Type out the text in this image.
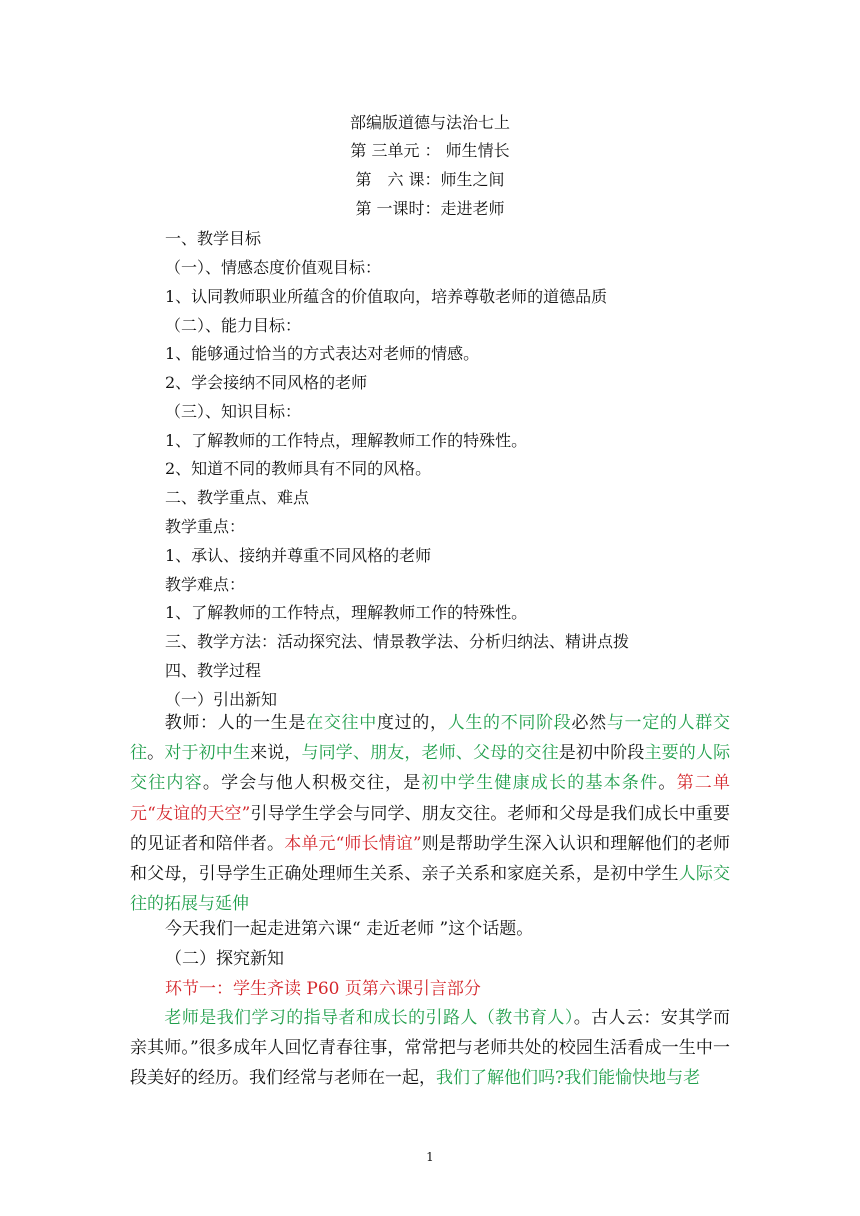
部编版道德与法治七上
第 三单元 ： 师生情长
第　六 课：师生之间
第 一课时：走进老师
一、教学目标
（一）、情感态度价值观目标：
1、认同教师职业所蕴含的价值取向，培养尊敬老师的道德品质
（二）、能力目标：
1、能够通过恰当的方式表达对老师的情感。
2、学会接纳不同风格的老师
（三）、知识目标：
1、了解教师的工作特点，理解教师工作的特殊性。
2、知道不同的教师具有不同的风格。
二、教学重点、难点
教学重点：
1、承认、接纳并尊重不同风格的老师
教学难点：
1、了解教师的工作特点，理解教师工作的特殊性。
三、教学方法：活动探究法、情景教学法、分析归纳法、精讲点拨
四、教学过程
（一）引出新知
教师：人的一生是在交往中度过的，人生的不同阶段必然与一定的人群交往。对于初中生来说，与同学、朋友，老师、父母的交往是初中阶段主要的人际交往内容。学会与他人积极交往，是初中学生健康成长的基本条件。第二单元“友谊的天空”引导学生学会与同学、朋友交往。老师和父母是我们成长中重要的见证者和陪伴者。本单元“师长情谊”则是帮助学生深入认识和理解他们的老师和父母，引导学生正确处理师生关系、亲子关系和家庭关系，是初中学生人际交往的拓展与延伸
今天我们一起走进第六课“ 走近老师 ”这个话题。
（二）探究新知
环节一：学生齐读 P60 页第六课引言部分
老师是我们学习的指导者和成长的引路人（教书育人）。古人云：安其学而亲其师。”很多成年人回忆青春往事，常常把与老师共处的校园生活看成一生中一段美好的经历。我们经常与老师在一起，我们了解他们吗?我们能愉快地与老
1
